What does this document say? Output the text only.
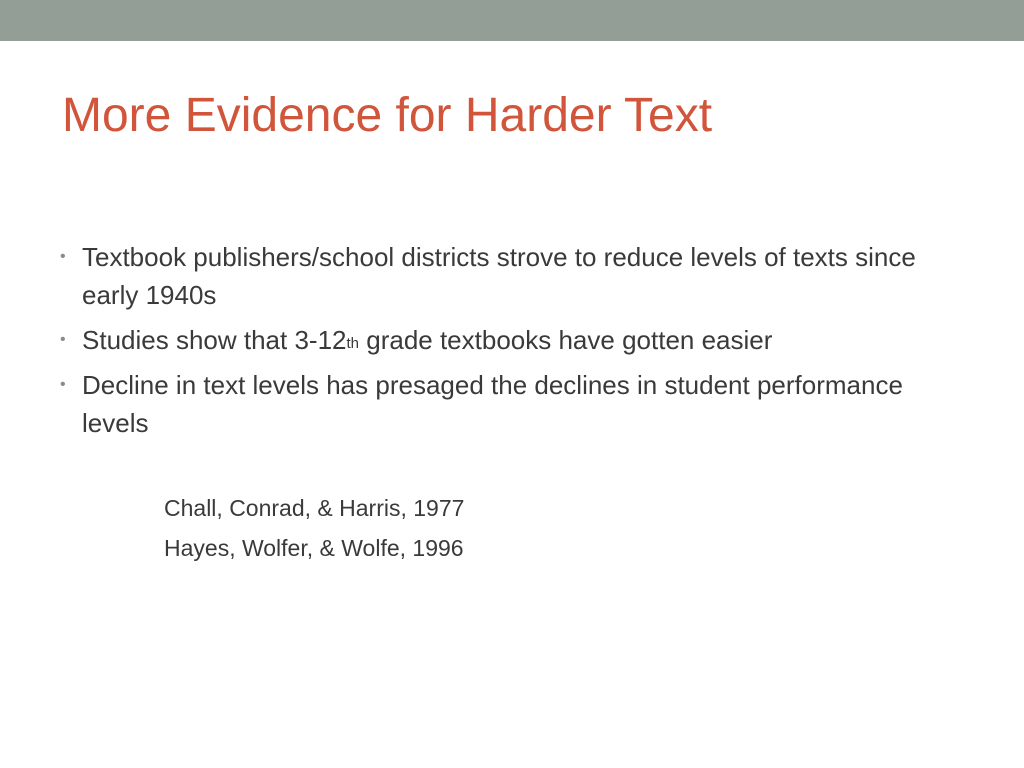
More Evidence for Harder Text
• Textbook publishers/school districts strove to reduce levels of texts since early 1940s
• Studies show that 3-12th grade textbooks have gotten easier
• Decline in text levels has presaged the declines in student performance levels
Chall, Conrad, & Harris, 1977
Hayes, Wolfer, & Wolfe, 1996
